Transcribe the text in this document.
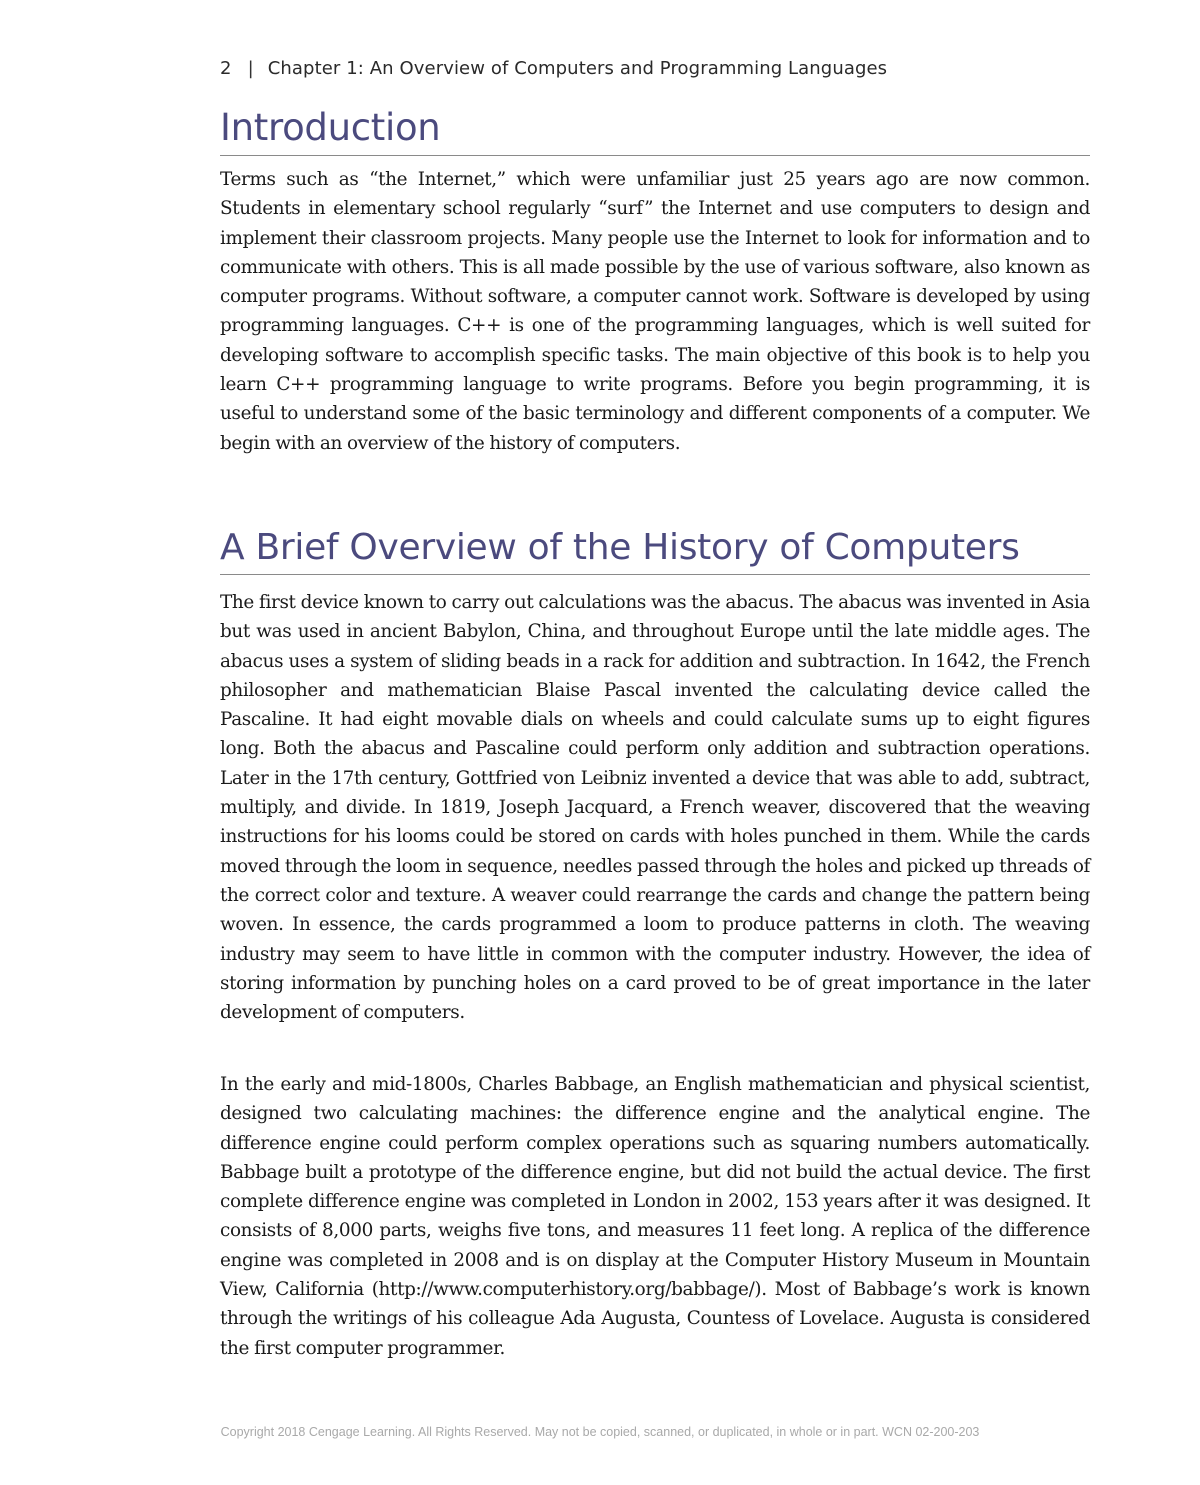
2 | Chapter 1: An Overview of Computers and Programming Languages
Introduction

Terms such as “the Internet,” which were unfamiliar just 25 years ago are now common. Students in elementary school regularly “surf” the Internet and use computers to design and implement their classroom projects. Many people use the Internet to look for information and to communicate with others. This is all made possible by the use of various software, also known as computer programs. Without software, a computer cannot work. Software is developed by using programming languages. C++ is one of the programming languages, which is well suited for developing software to accomplish specific tasks. The main objective of this book is to help you learn C++ programming language to write programs. Before you begin programming, it is useful to understand some of the basic terminology and different components of a computer. We begin with an overview of the history of computers.

A Brief Overview of the History of Computers

The first device known to carry out calculations was the abacus. The abacus was invented in Asia but was used in ancient Babylon, China, and throughout Europe until the late middle ages. The abacus uses a system of sliding beads in a rack for addition and subtraction. In 1642, the French philosopher and mathematician Blaise Pascal invented the calculating device called the Pascaline. It had eight movable dials on wheels and could calculate sums up to eight figures long. Both the abacus and Pascaline could perform only addition and subtraction operations. Later in the 17th century, Gottfried von Leibniz invented a device that was able to add, subtract, multiply, and divide. In 1819, Joseph Jacquard, a French weaver, discovered that the weaving instructions for his looms could be stored on cards with holes punched in them. While the cards moved through the loom in sequence, needles passed through the holes and picked up threads of the correct color and texture. A weaver could rearrange the cards and change the pattern being woven. In essence, the cards programmed a loom to produce patterns in cloth. The weaving industry may seem to have little in common with the computer industry. However, the idea of storing information by punching holes on a card proved to be of great importance in the later development of computers.

In the early and mid-1800s, Charles Babbage, an English mathematician and physical scientist, designed two calculating machines: the difference engine and the analytical engine. The difference engine could perform complex operations such as squaring numbers automatically. Babbage built a prototype of the difference engine, but did not build the actual device. The first complete difference engine was completed in London in 2002, 153 years after it was designed. It consists of 8,000 parts, weighs five tons, and measures 11 feet long. A replica of the difference engine was completed in 2008 and is on display at the Computer History Museum in Mountain View, California (http://www.computerhistory.org/babbage/). Most of Babbage’s work is known through the writings of his colleague Ada Augusta, Countess of Lovelace. Augusta is considered the first computer programmer.

Copyright 2018 Cengage Learning. All Rights Reserved. May not be copied, scanned, or duplicated, in whole or in part. WCN 02-200-203
